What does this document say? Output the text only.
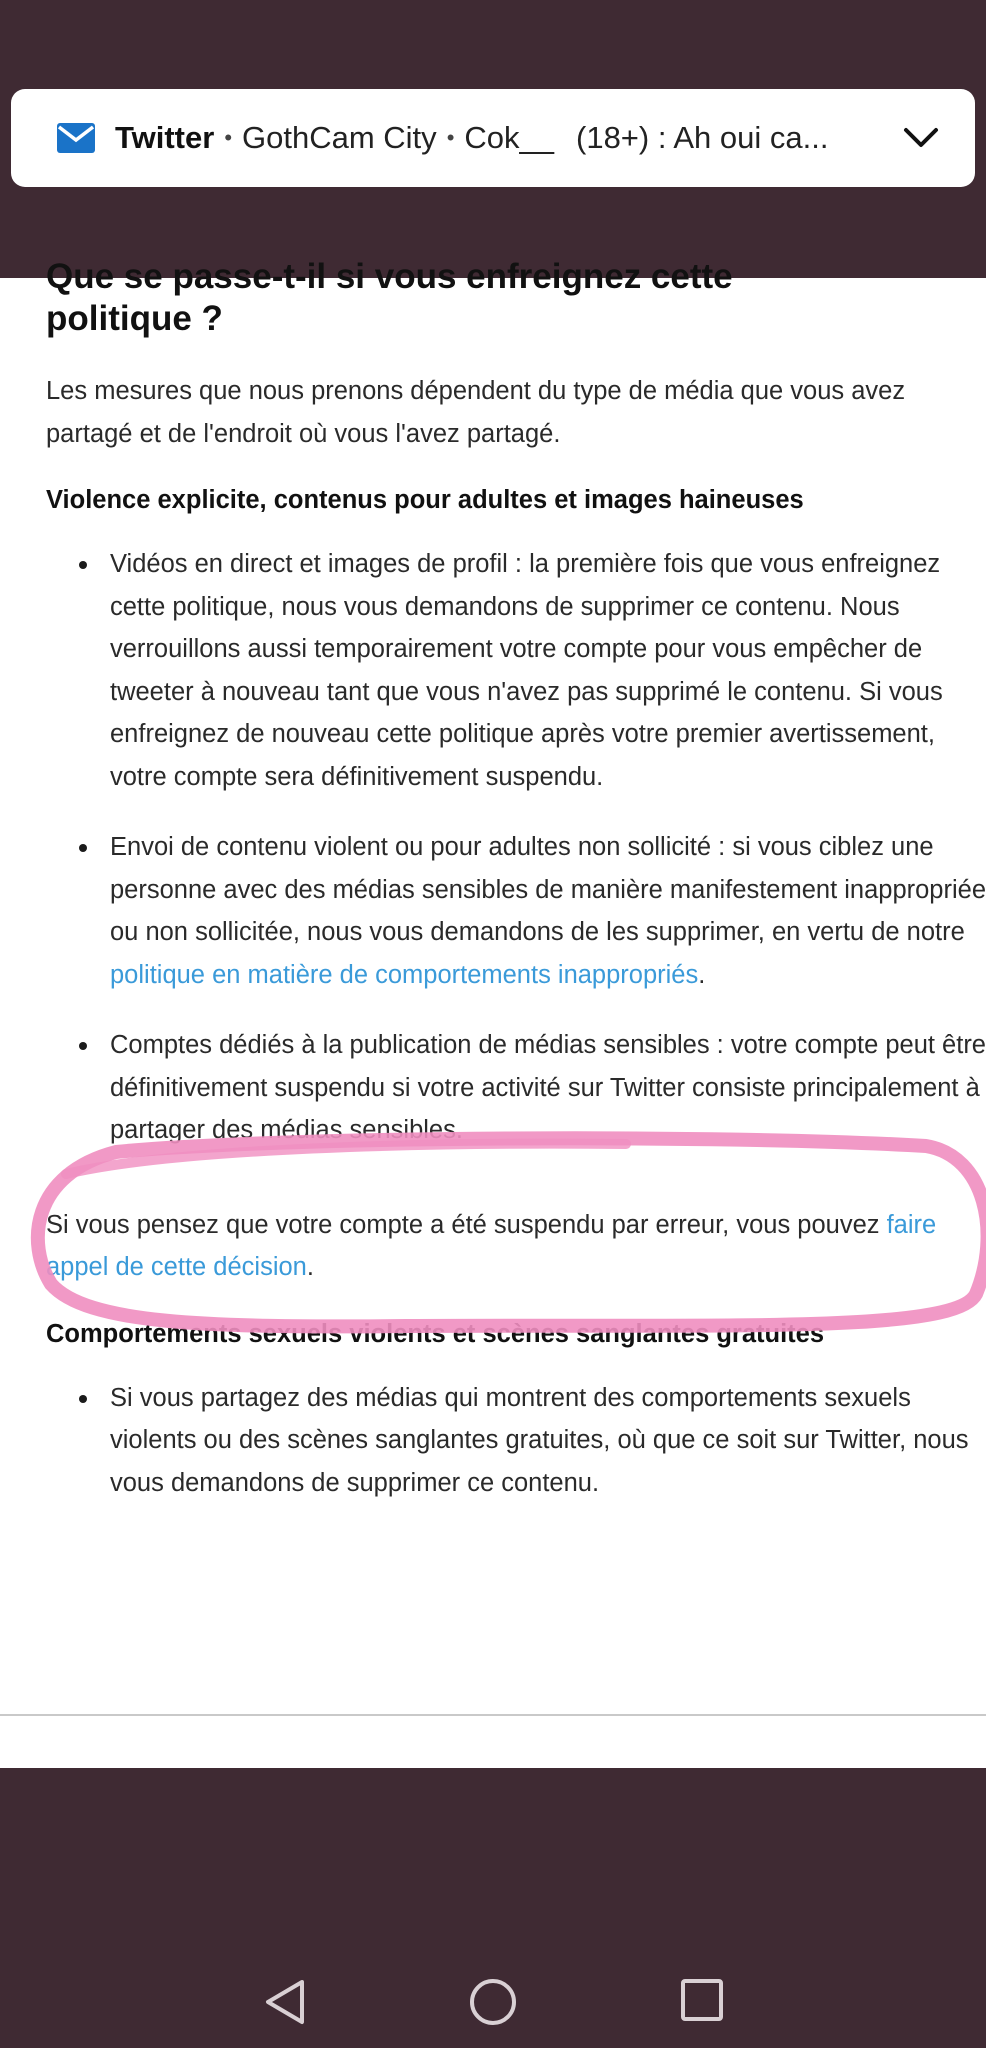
Twitter • GothCam City • Cok__ (18+) : Ah oui ca...
Que se passe-t-il si vous enfreignez cette
politique ?

Les mesures que nous prenons dépendent du type de média que vous avez partagé et de l'endroit où vous l'avez partagé.

Violence explicite, contenus pour adultes et images haineuses
Vidéos en direct et images de profil : la première fois que vous enfreignez cette politique, nous vous demandons de supprimer ce contenu. Nous verrouillons aussi temporairement votre compte pour vous empêcher de tweeter à nouveau tant que vous n'avez pas supprimé le contenu. Si vous enfreignez de nouveau cette politique après votre premier avertissement, votre compte sera définitivement suspendu.
Envoi de contenu violent ou pour adultes non sollicité : si vous ciblez une personne avec des médias sensibles de manière manifestement inappropriée ou non sollicitée, nous vous demandons de les supprimer, en vertu de notre politique en matière de comportements inappropriés.
Comptes dédiés à la publication de médias sensibles : votre compte peut être définitivement suspendu si votre activité sur Twitter consiste principalement à partager des médias sensibles.

Si vous pensez que votre compte a été suspendu par erreur, vous pouvez faire appel de cette décision.

Comportements sexuels violents et scènes sanglantes gratuites
Si vous partagez des médias qui montrent des comportements sexuels violents ou des scènes sanglantes gratuites, où que ce soit sur Twitter, nous vous demandons de supprimer ce contenu.
